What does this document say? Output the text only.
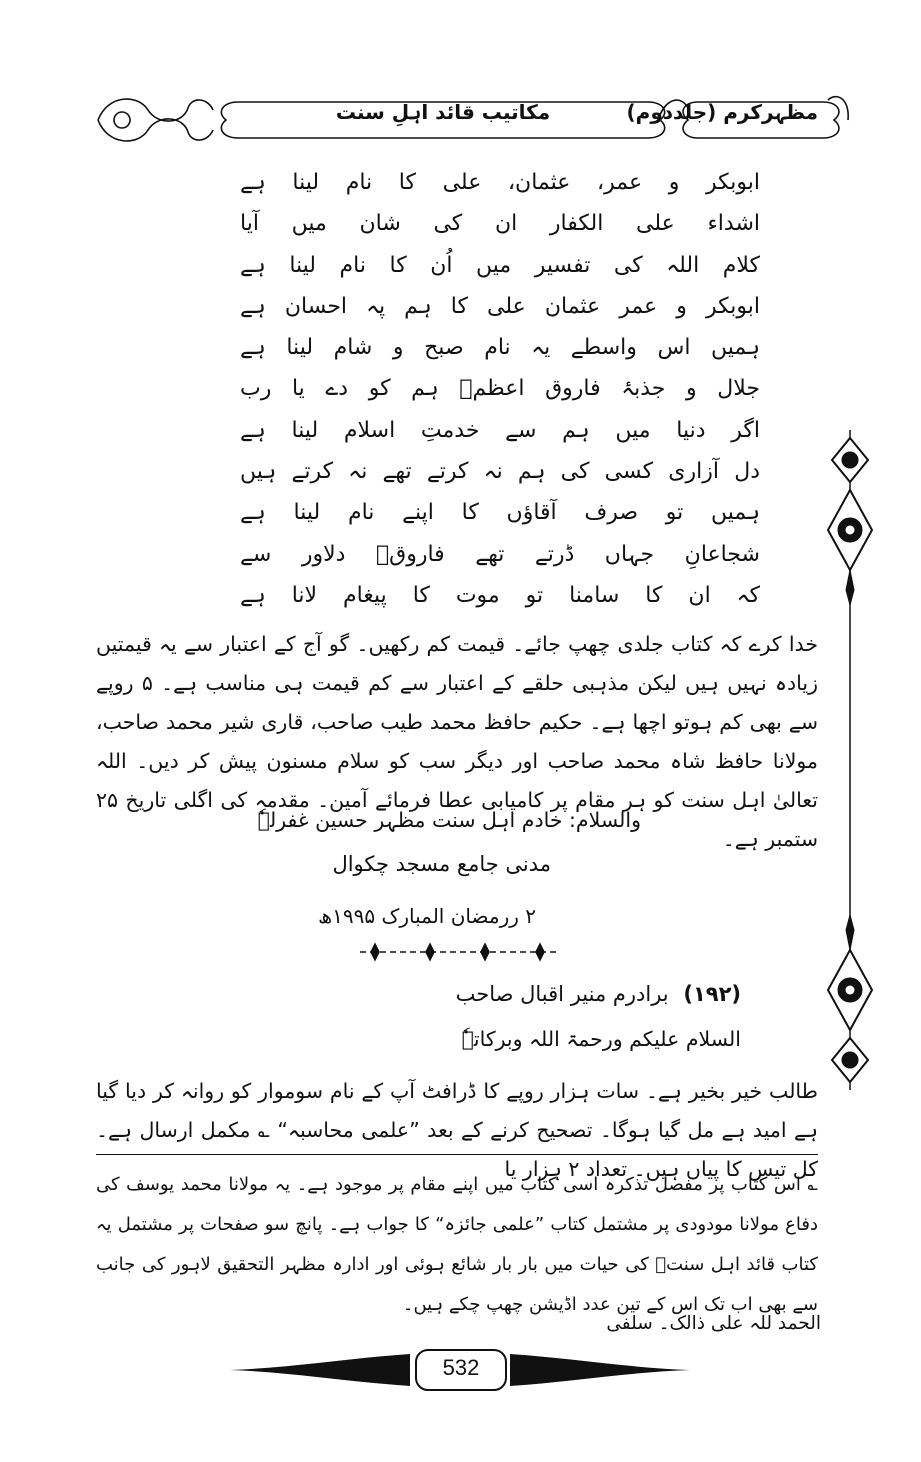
مظہرکرم (جلددوم)
مکاتیب قائد اہلِ سنت
ابوبکر و عمر، عثمان، علی کا نام لینا ہے
اشداء علی الکفار ان کی شان میں آیا
کلام اللہ کی تفسیر میں اُن کا نام لینا ہے
ابوبکر و عمر عثمان علی کا ہم پہ احسان ہے
ہمیں اس واسطے یہ نام صبح و شام لینا ہے
جلال و جذبۂ فاروق اعظمؓ ہم کو دے یا رب
اگر دنیا میں ہم سے خدمتِ اسلام لینا ہے
دل آزاری کسی کی ہم نہ کرتے تھے نہ کرتے ہیں
ہمیں تو صرف آقاؤں کا اپنے نام لینا ہے
شجاعانِ جہاں ڈرتے تھے فاروقؓ دلاور سے
کہ ان کا سامنا تو موت کا پیغام لانا ہے
خدا کرے کہ کتاب جلدی چھپ جائے۔ قیمت کم رکھیں۔ گو آج کے اعتبار سے یہ قیمتیں زیادہ نہیں ہیں لیکن مذہبی حلقے کے اعتبار سے کم قیمت ہی مناسب ہے۔ ۵ روپے سے بھی کم ہوتو اچھا ہے۔ حکیم حافظ محمد طیب صاحب، قاری شیر محمد صاحب، مولانا حافظ شاہ محمد صاحب اور دیگر سب کو سلام مسنون پیش کر دیں۔ اللہ تعالیٰ اہل سنت کو ہر مقام پر کامیابی عطا فرمائے آمین۔ مقدمہ کی اگلی تاریخ ۲۵ ستمبر ہے۔
والسلام: خادم اہل سنت مظہر حسین غفرلہٗ
مدنی جامع مسجد چکوال
۲ ررمضان المبارک ۱۹۹۵ھ
(۱۹۲) برادرم منیر اقبال صاحب
السلام علیکم ورحمۃ اللہ وبرکاتہٗ
طالب خیر بخیر ہے۔ سات ہزار روپے کا ڈرافٹ آپ کے نام سوموار کو روانہ کر دیا گیا ہے امید ہے مل گیا ہوگا۔ تصحیح کرنے کے بعد ”علمی محاسبہ“ ؎ مکمل ارسال ہے۔ کل تیس کا پیاں ہیں۔ تعداد ۲ ہزار یا
؎ اس کتاب پر مفصل تذکرہ اسی کتاب میں اپنے مقام پر موجود ہے۔ یہ مولانا محمد یوسف کی دفاع مولانا مودودی پر مشتمل کتاب ”علمی جائزہ“ کا جواب ہے۔ پانچ سو صفحات پر مشتمل یہ کتاب قائد اہل سنتؒ کی حیات میں بار بار شائع ہوئی اور ادارہ مظہر التحقیق لاہور کی جانب سے بھی اب تک اس کے تین عدد اڈیشن چھپ چکے ہیں۔
الحمد للہ علی ذالک۔ سلفی
532
